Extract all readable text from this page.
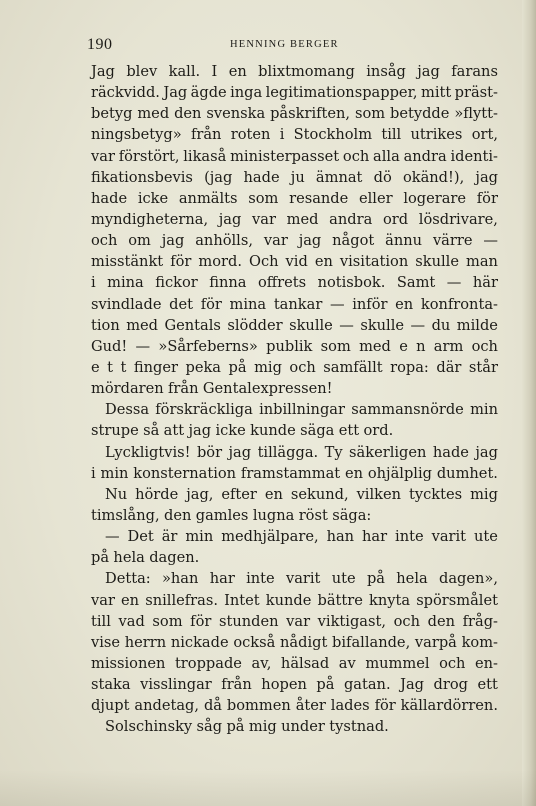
190	HENNING BERGER
Jag blev kall. I en blixtmomang insåg jag farans
räckvidd. Jag ägde inga legitimationspapper, mitt präst-
betyg med den svenska påskriften, som betydde »flytt-
ningsbetyg» från roten i Stockholm till utrikes ort,
var förstört, likaså ministerpasset och alla andra identi-
fikationsbevis (jag hade ju ämnat dö okänd!), jag
hade icke anmälts som resande eller logerare för
myndigheterna, jag var med andra ord lösdrivare,
och om jag anhölls, var jag något ännu värre —
misstänkt för mord. Och vid en visitation skulle man
i mina fickor finna offrets notisbok. Samt — här
svindlade det för mina tankar — inför en konfronta-
tion med Gentals slödder skulle — skulle — du milde
Gud! — »Sårfeberns» publik som med e n arm och
e t t finger peka på mig och samfällt ropa: där står
mördaren från Gentalexpressen!
Dessa förskräckliga inbillningar sammansnörde min
strupe så att jag icke kunde säga ett ord.
Lyckligtvis! bör jag tillägga. Ty säkerligen hade jag
i min konsternation framstammat en ohjälplig dumhet.
Nu hörde jag, efter en sekund, vilken tycktes mig
timslång, den gamles lugna röst säga:
— Det är min medhjälpare, han har inte varit ute
på hela dagen.
Detta: »han har inte varit ute på hela dagen»,
var en snillefras. Intet kunde bättre knyta spörsmålet
till vad som för stunden var viktigast, och den fråg-
vise herrn nickade också nådigt bifallande, varpå kom-
missionen troppade av, hälsad av mummel och en-
staka visslingar från hopen på gatan. Jag drog ett
djupt andetag, då bommen åter lades för källardörren.
Solschinsky såg på mig under tystnad.
